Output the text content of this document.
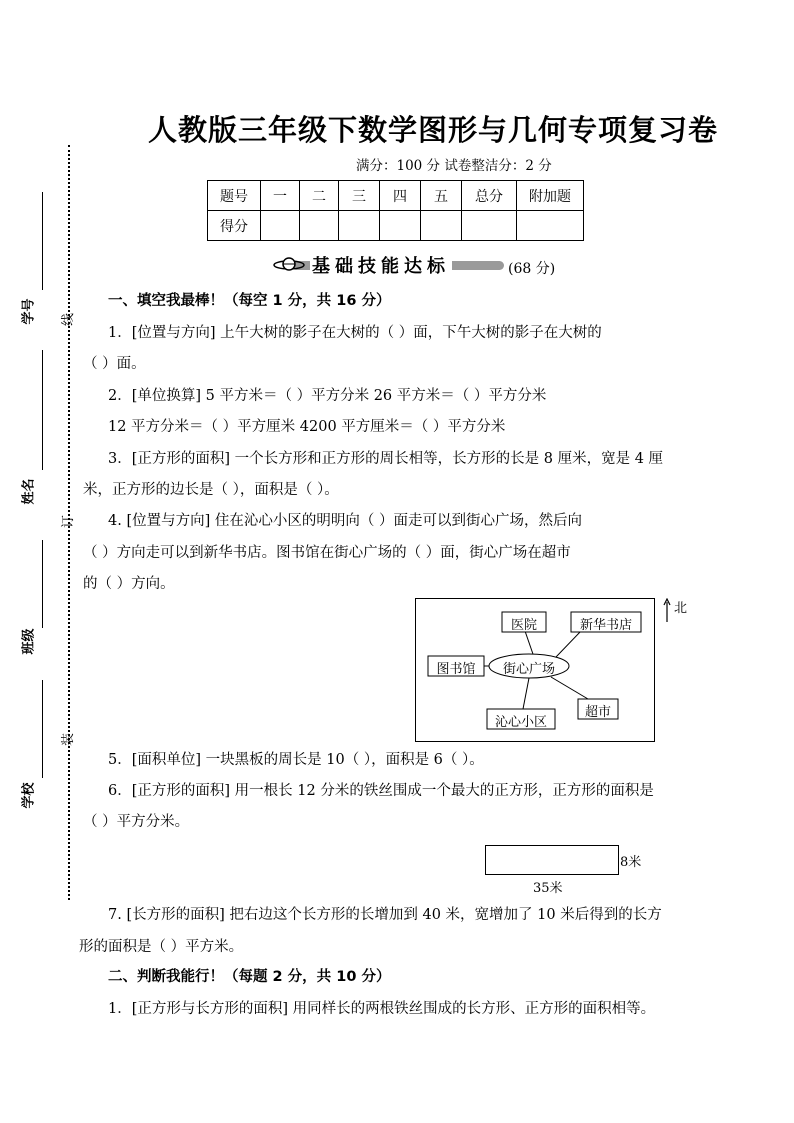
人教版三年级下数学图形与几何专项复习卷
满分：100 分 试卷整洁分：2 分
题号	一	二	三	四	五	总分	附加题
得分							
基础技能达标	(68 分)
学号
姓名
班级
学校
线
订
装
一、填空我最棒！（每空 1 分，共 16 分）
1．[位置与方向] 上午大树的影子在大树的（ ）面，下午大树的影子在大树的
（ ）面。
2．[单位换算] 5 平方米＝（ ）平方分米 26 平方米＝（ ）平方分米
12 平方分米＝（ ）平方厘米 4200 平方厘米＝（ ）平方分米
3．[正方形的面积] 一个长方形和正方形的周长相等，长方形的长是 8 厘米，宽是 4 厘
米，正方形的边长是（ ），面积是（ ）。
4. [位置与方向] 住在沁心小区的明明向（ ）面走可以到街心广场，然后向
（ ）方向走可以到新华书店。图书馆在街心广场的（ ）面，街心广场在超市
的（ ）方向。
医院	新华书店
图书馆	街心广场
超市
沁心小区
北
5．[面积单位] 一块黑板的周长是 10（ ），面积是 6（ ）。
6．[正方形的面积] 用一根长 12 分米的铁丝围成一个最大的正方形，正方形的面积是
（ ）平方分米。
8米
35米
7. [长方形的面积] 把右边这个长方形的长增加到 40 米，宽增加了 10 米后得到的长方
形的面积是（ ）平方米。
二、判断我能行！（每题 2 分，共 10 分）
1．[正方形与长方形的面积] 用同样长的两根铁丝围成的长方形、正方形的面积相等。
